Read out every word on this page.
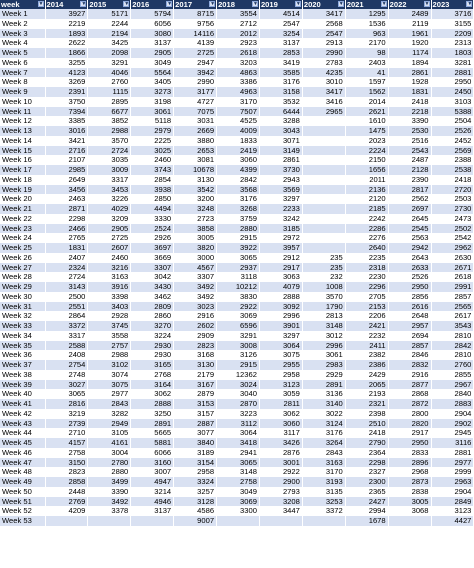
week ▼	2014 ▼	2015 ▼	2016 ▼	2017 ▼	2018 ▼	2019 ▼	2020 ▼	2021 ▼	2022 ▼	2023 ▼

Week 1	3927	5171	5794	8715	3554	4514	3417	1295	2489	3716
Week 2	2219	2244	6056	9756	2712	2547	2568	1536	2119	3155
Week 3	1893	2194	3080	14116	2012	3254	2547	963	1961	2209
Week 4	2622	3425	3137	4139	2923	3137	2913	2170	1920	2313
Week 5	1866	2098	2905	2725	2618	2853	2990	98	1174	1803
Week 6	3255	3291	3049	2947	3203	3419	2783	2403	1894	3281
Week 7	4123	4046	5564	3942	4863	3585	4235	41	2861	2881
Week 8	3269	2760	3405	2990	3386	3176	3010	1597	1928	2950
Week 9	2391	1115	3273	3177	4963	3158	3417	1562	1831	2450
Week 10	3750	2895	3198	4727	3170	3532	3416	2014	2418	3103
Week 11	7394	6677	3061	7075	7507	6444	2965	2621	2218	5388
Week 12	3385	3852	5118	3031	4525	3288		1610	3390	2504
Week 13	3016	2988	2979	2669	4009	3043		1475	2530	2526
Week 14	3421	3570	2225	3880	1833	3071		2023	2516	2452
Week 15	2716	2724	3025	2653	2419	3149		2224	2543	2569
Week 16	2107	3035	2460	3081	3060	2861		2150	2487	2388
Week 17	2985	3009	3743	10678	4399	3730		1656	2128	2538
Week 18	2649	3317	2854	3130	2842	2943		2011	2390	2418
Week 19	3456	3453	3938	3542	3568	3569		2136	2817	2720
Week 20	2463	3226	2850	3200	3176	3297		2120	2562	2503
Week 21	2871	4029	4494	3248	3268	2233		2185	2697	2730
Week 22	2298	3209	3330	2723	3759	3242		2242	2645	2473
Week 23	2466	2905	2524	3858	2880	3185		2286	2545	2502
Week 24	2765	2725	2926	3005	2915	2972		2276	2563	2542
Week 25	1831	2607	3697	3820	3922	3957		2640	2942	2962
Week 26	2407	2460	3669	3000	3065	2912	235	2235	2643	2630
Week 27	2324	3216	3307	4567	2937	2917	235	2318	2633	2671
Week 28	2724	3163	3042	3307	3118	3063	232	2230	2526	2618
Week 29	3143	3916	3430	3492	10212	4079	1008	2296	2950	2991
Week 30	2500	3398	3462	3492	3830	2888	3570	2705	2856	2857
Week 31	2551	3403	2809	3023	2922	3092	1790	2153	2616	2565
Week 32	2864	2928	2860	2916	3069	2996	2813	2206	2648	2617
Week 33	3372	3745	3270	2602	6596	3901	3148	2421	2957	3543
Week 34	3317	3558	3224	2909	3291	3297	3012	2232	2694	2810
Week 35	2588	2757	2930	2823	3008	3064	2996	2411	2857	2842
Week 36	2408	2988	2930	3168	3126	3075	3061	2382	2846	2810
Week 37	2754	3102	3165	3130	2915	2955	2983	2386	2832	2760
Week 38	2748	3074	2768	2179	12362	2958	2929	2429	2916	2855
Week 39	3027	3075	3164	3167	3024	3123	2891	2065	2877	2967
Week 40	3065	2977	3062	2879	3040	3059	3136	2193	2868	2840
Week 41	2816	2843	2888	3153	2870	2811	3140	2321	2872	2883
Week 42	3219	3282	3250	3157	3223	3062	3022	2398	2800	2904
Week 43	2739	2949	2891	2887	3112	3060	3124	2510	2820	2902
Week 44	2710	3105	5665	3077	3064	3117	3176	2418	2917	2945
Week 45	4157	4161	5881	3840	3418	3426	3264	2790	2950	3116
Week 46	2758	3004	6066	3189	2941	2876	2843	2364	2833	2881
Week 47	3150	2780	3160	3154	3065	3001	3163	2298	2896	2977
Week 48	2823	2880	3007	2958	3148	2922	3170	2327	2968	2999
Week 49	2858	3499	4947	3324	2758	2900	3193	2300	2873	2963
Week 50	2448	3390	3214	3257	3049	2793	3135	2365	2838	2904
Week 51	2769	3492	4946	3128	3069	3208	3253	2427	3005	2849
Week 52	4209	3378	3137	4586	3300	3447	3372	2994	3068	3123
Week 53				9007				1678		4427
